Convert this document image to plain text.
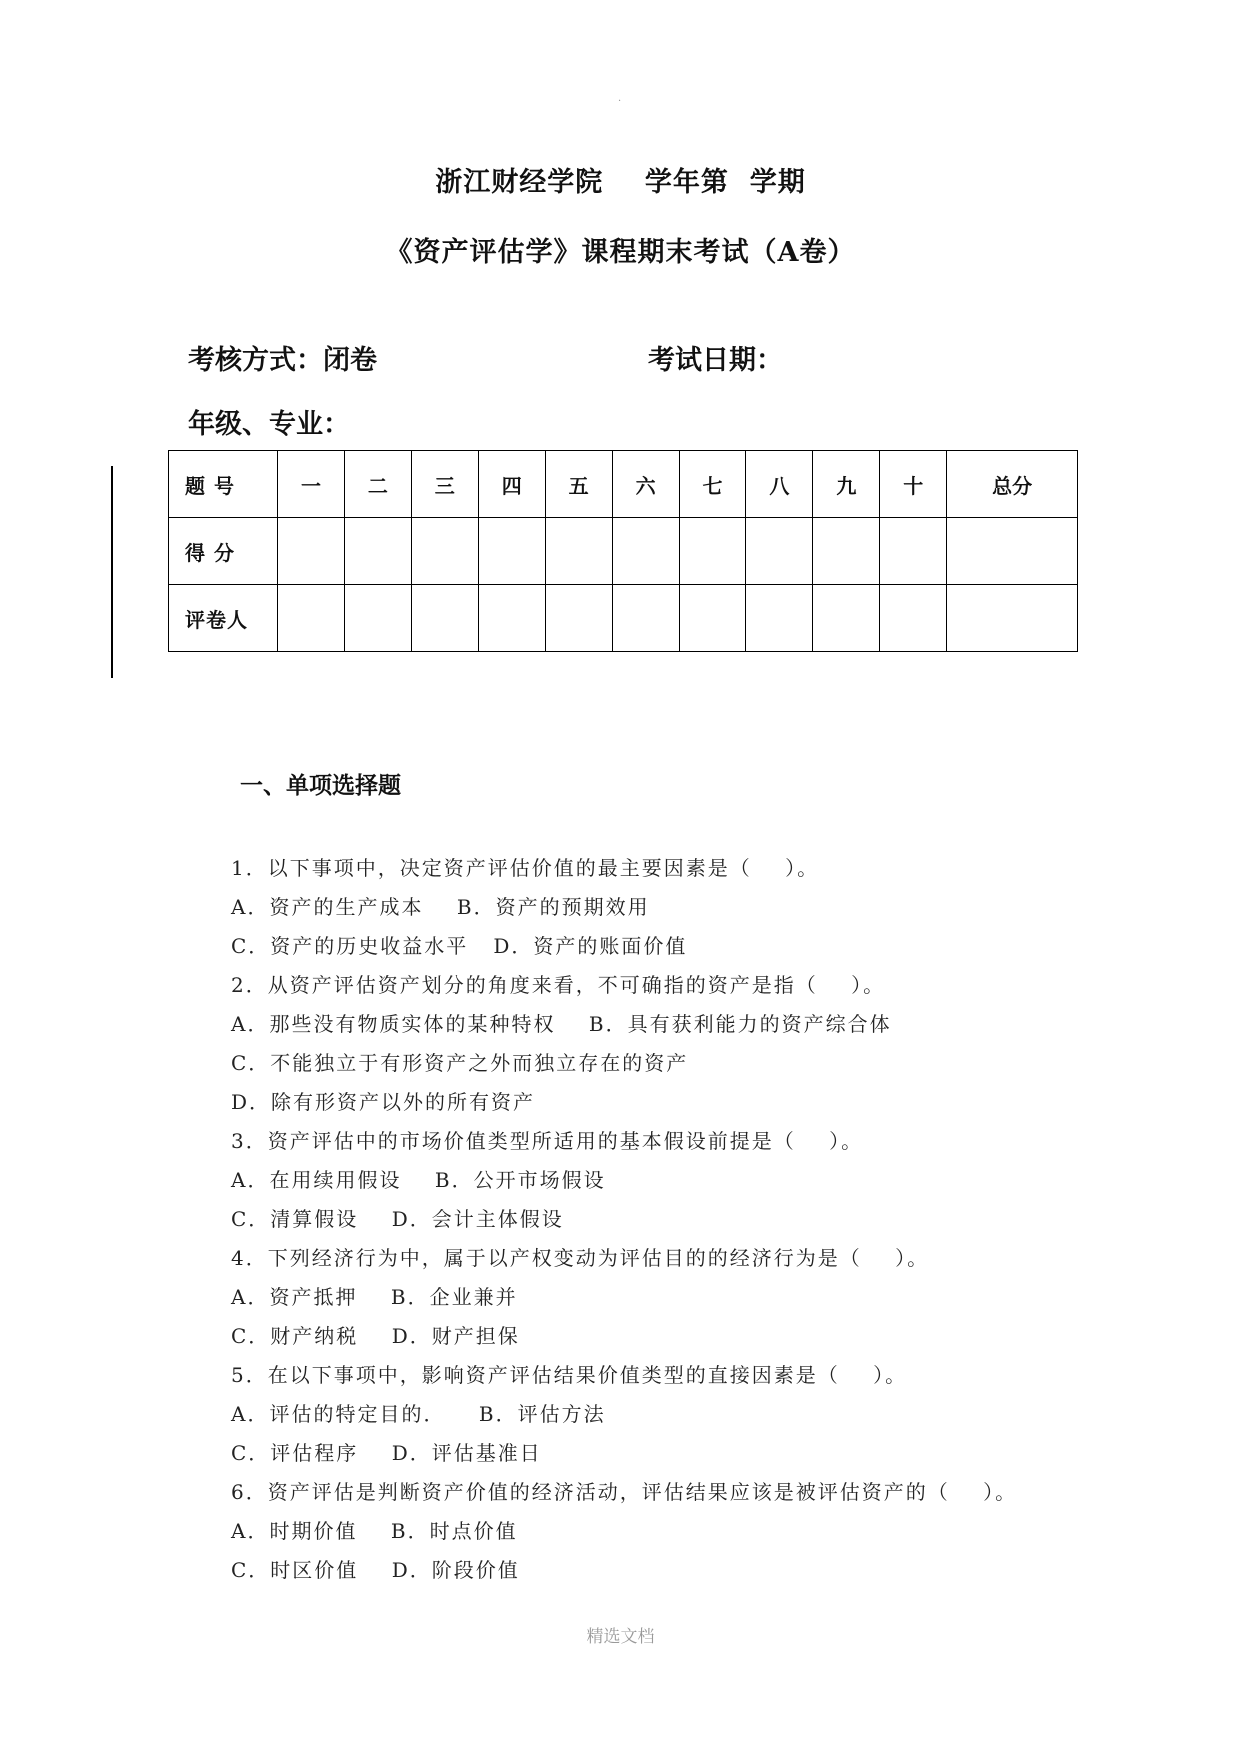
·
浙江财经学院    学年第  学期
《资产评估学》课程期末考试（A卷）
考核方式：闭卷	考试日期：
年级、专业：
题 号	一	二	三	四	五	六	七	八	九	十	总分
得 分											
评卷人											
一、单项选择题
1．以下事项中，决定资产评估价值的最主要因素是（    ）。
A．资产的生产成本    B．资产的预期效用
C．资产的历史收益水平   D．资产的账面价值
2．从资产评估资产划分的角度来看，不可确指的资产是指（    ）。
A．那些没有物质实体的某种特权    B．具有获利能力的资产综合体
C．不能独立于有形资产之外而独立存在的资产
D．除有形资产以外的所有资产
3．资产评估中的市场价值类型所适用的基本假设前提是（    ）。
A．在用续用假设    B．公开市场假设
C．清算假设    D．会计主体假设
4．下列经济行为中，属于以产权变动为评估目的的经济行为是（    ）。
A．资产抵押    B．企业兼并
C．财产纳税    D．财产担保
5．在以下事项中，影响资产评估结果价值类型的直接因素是（    ）。
A．评估的特定目的．    B．评估方法
C．评估程序    D．评估基准日
6．资产评估是判断资产价值的经济活动，评估结果应该是被评估资产的（    ）。
A．时期价值    B．时点价值
C．时区价值    D．阶段价值
精选文档
